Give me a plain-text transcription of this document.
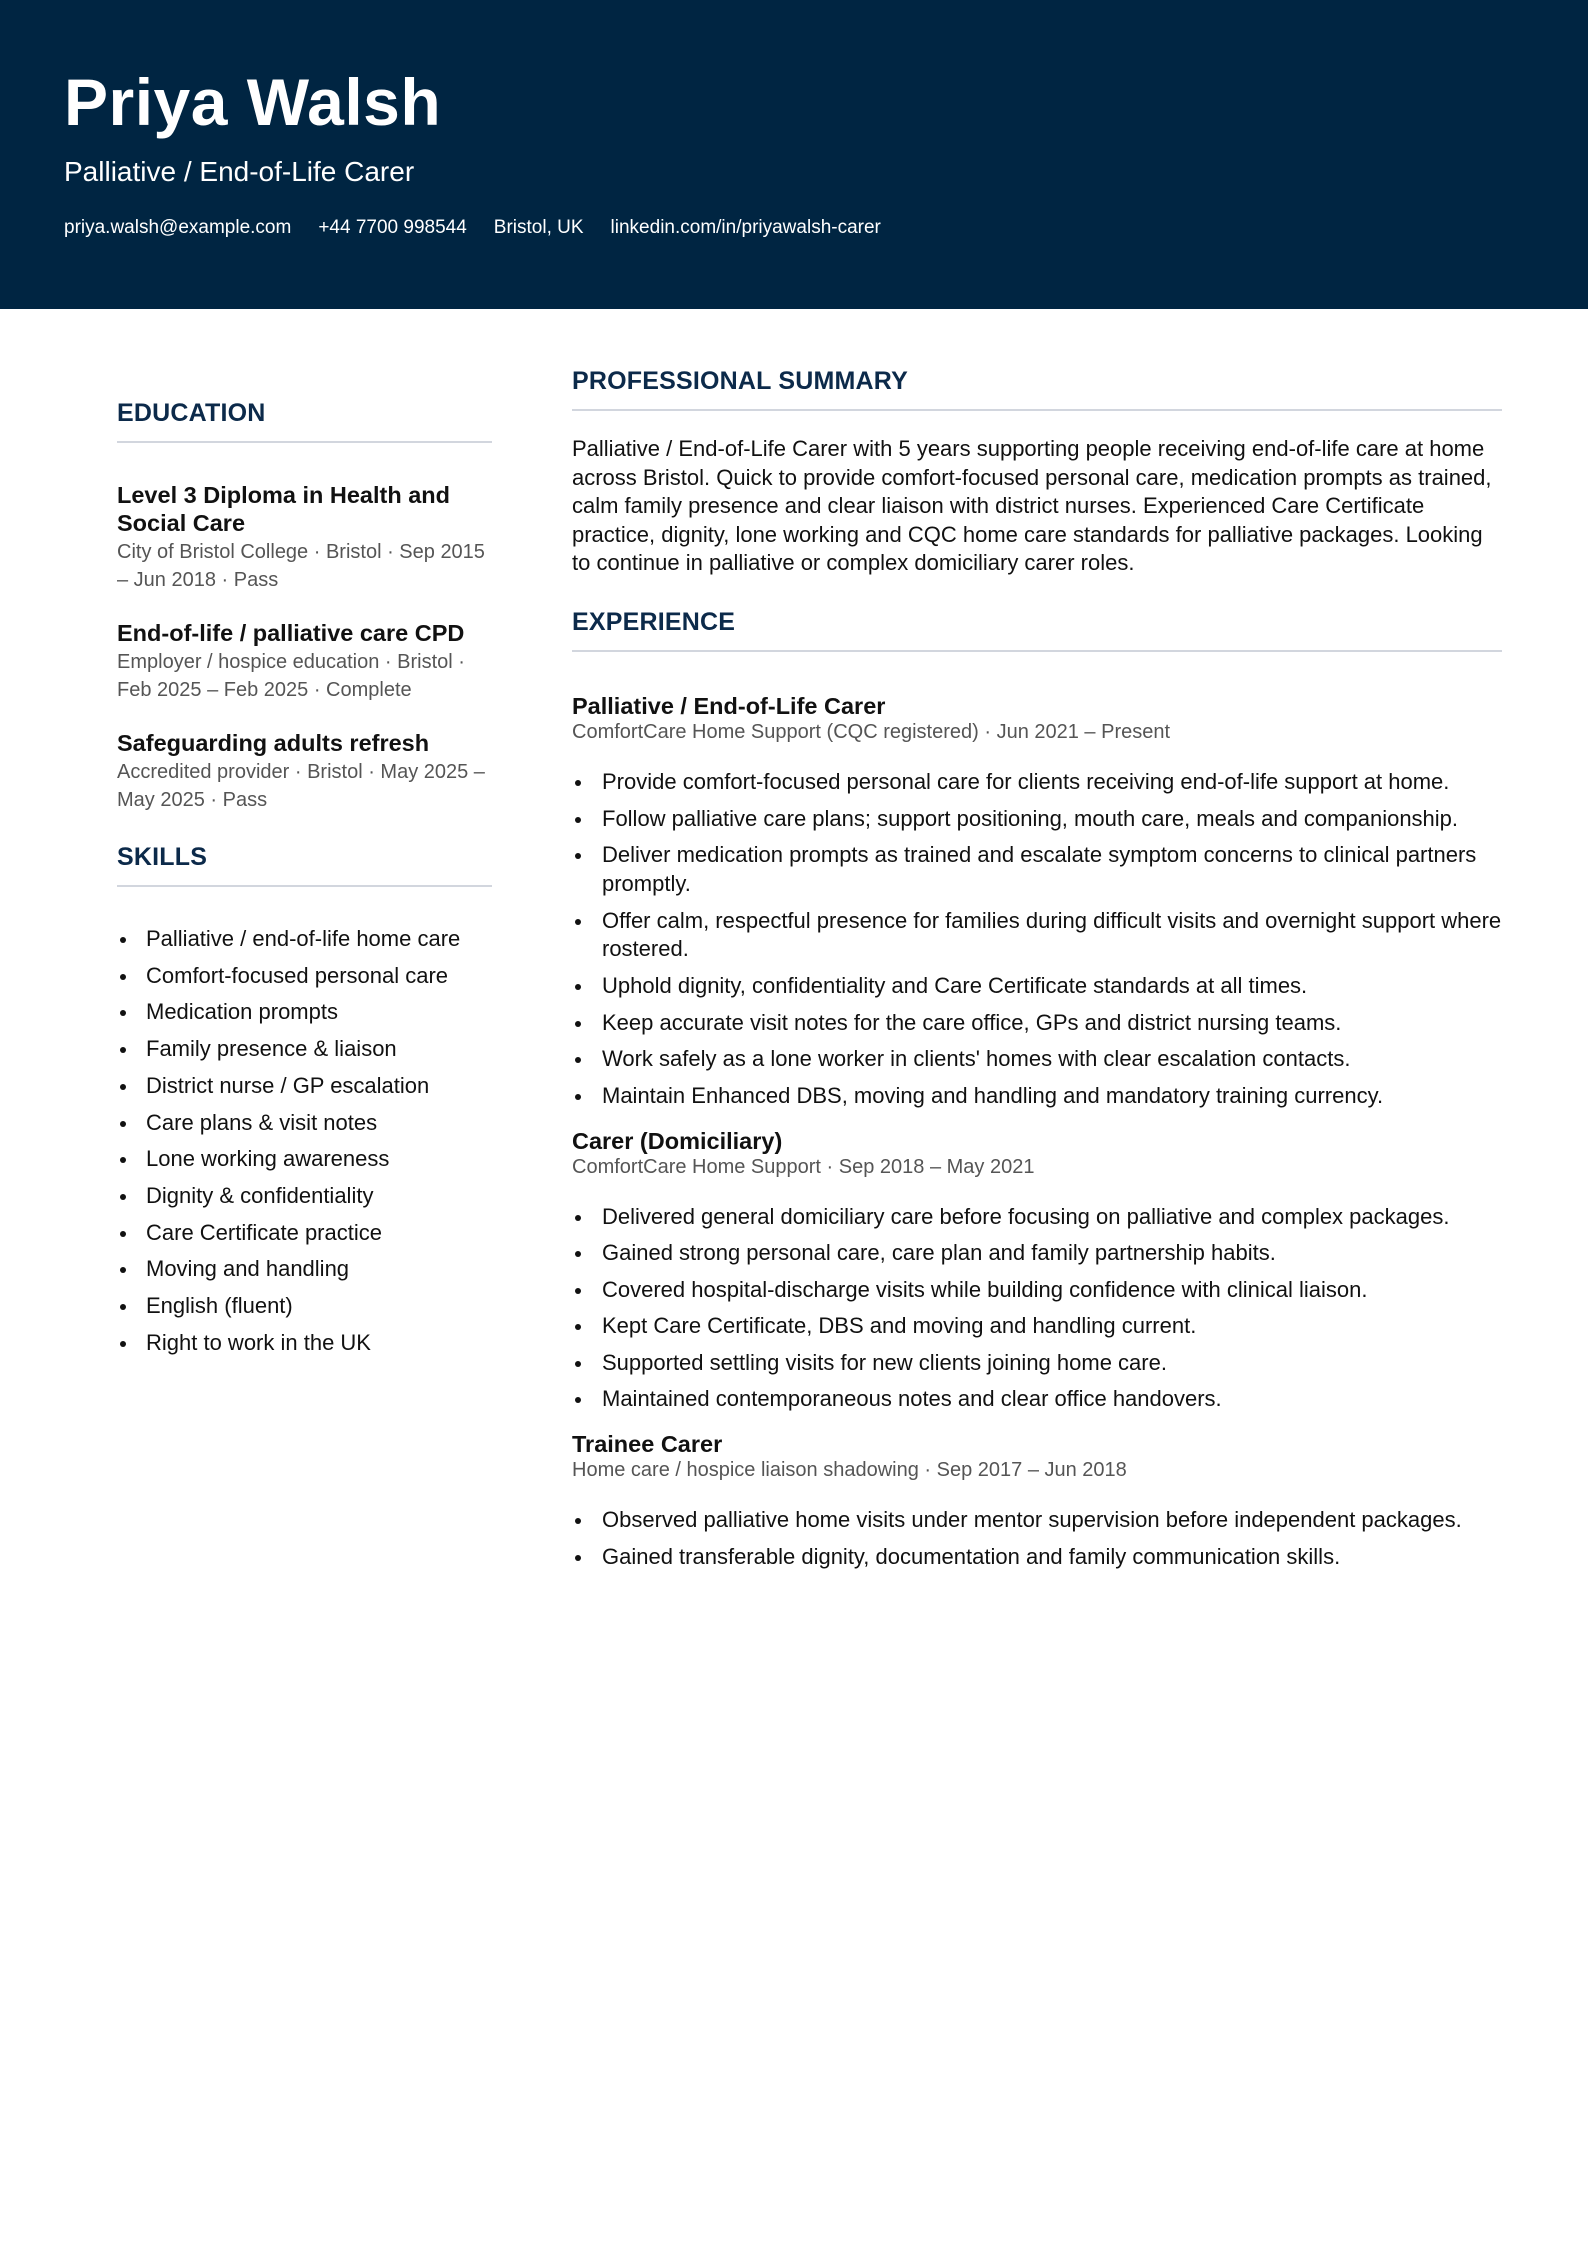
Priya Walsh
Palliative / End-of-Life Carer
priya.walsh@example.com +44 7700 998544 Bristol, UK linkedin.com/in/priyawalsh-carer
EDUCATION
Level 3 Diploma in Health and Social Care
City of Bristol College · Bristol · Sep 2015 – Jun 2018 · Pass
End-of-life / palliative care CPD
Employer / hospice education · Bristol · Feb 2025 – Feb 2025 · Complete
Safeguarding adults refresh
Accredited provider · Bristol · May 2025 – May 2025 · Pass
SKILLS
Palliative / end-of-life home care
Comfort-focused personal care
Medication prompts
Family presence & liaison
District nurse / GP escalation
Care plans & visit notes
Lone working awareness
Dignity & confidentiality
Care Certificate practice
Moving and handling
English (fluent)
Right to work in the UK
PROFESSIONAL SUMMARY

Palliative / End-of-Life Carer with 5 years supporting people receiving end-of-life care at home across Bristol. Quick to provide comfort-focused personal care, medication prompts as trained, calm family presence and clear liaison with district nurses. Experienced Care Certificate practice, dignity, lone working and CQC home care standards for palliative packages. Looking to continue in palliative or complex domiciliary carer roles.

EXPERIENCE
Palliative / End-of-Life Carer
ComfortCare Home Support (CQC registered) · Jun 2021 – Present
Provide comfort-focused personal care for clients receiving end-of-life support at home.
Follow palliative care plans; support positioning, mouth care, meals and companionship.
Deliver medication prompts as trained and escalate symptom concerns to clinical partners promptly.
Offer calm, respectful presence for families during difficult visits and overnight support where rostered.
Uphold dignity, confidentiality and Care Certificate standards at all times.
Keep accurate visit notes for the care office, GPs and district nursing teams.
Work safely as a lone worker in clients' homes with clear escalation contacts.
Maintain Enhanced DBS, moving and handling and mandatory training currency.
Carer (Domiciliary)
ComfortCare Home Support · Sep 2018 – May 2021
Delivered general domiciliary care before focusing on palliative and complex packages.
Gained strong personal care, care plan and family partnership habits.
Covered hospital-discharge visits while building confidence with clinical liaison.
Kept Care Certificate, DBS and moving and handling current.
Supported settling visits for new clients joining home care.
Maintained contemporaneous notes and clear office handovers.
Trainee Carer
Home care / hospice liaison shadowing · Sep 2017 – Jun 2018
Observed palliative home visits under mentor supervision before independent packages.
Gained transferable dignity, documentation and family communication skills.
